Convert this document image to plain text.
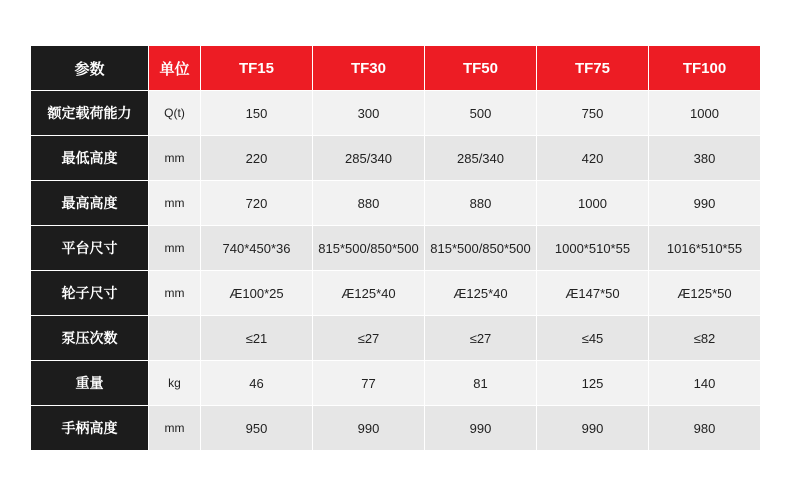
参数	单位	TF15	TF30	TF50	TF75	TF100
额定载荷能力	Q(t)	150	300	500	750	1000
最低高度	mm	220	285/340	285/340	420	380
最高高度	mm	720	880	880	1000	990
平台尺寸	mm	740*450*36	815*500/850*500	815*500/850*500	1000*510*55	1016*510*55
轮子尺寸	mm	Æ100*25	Æ125*40	Æ125*40	Æ147*50	Æ125*50
泵压次数		≤21	≤27	≤27	≤45	≤82
重量	kg	46	77	81	125	140
手柄高度	mm	950	990	990	990	980
